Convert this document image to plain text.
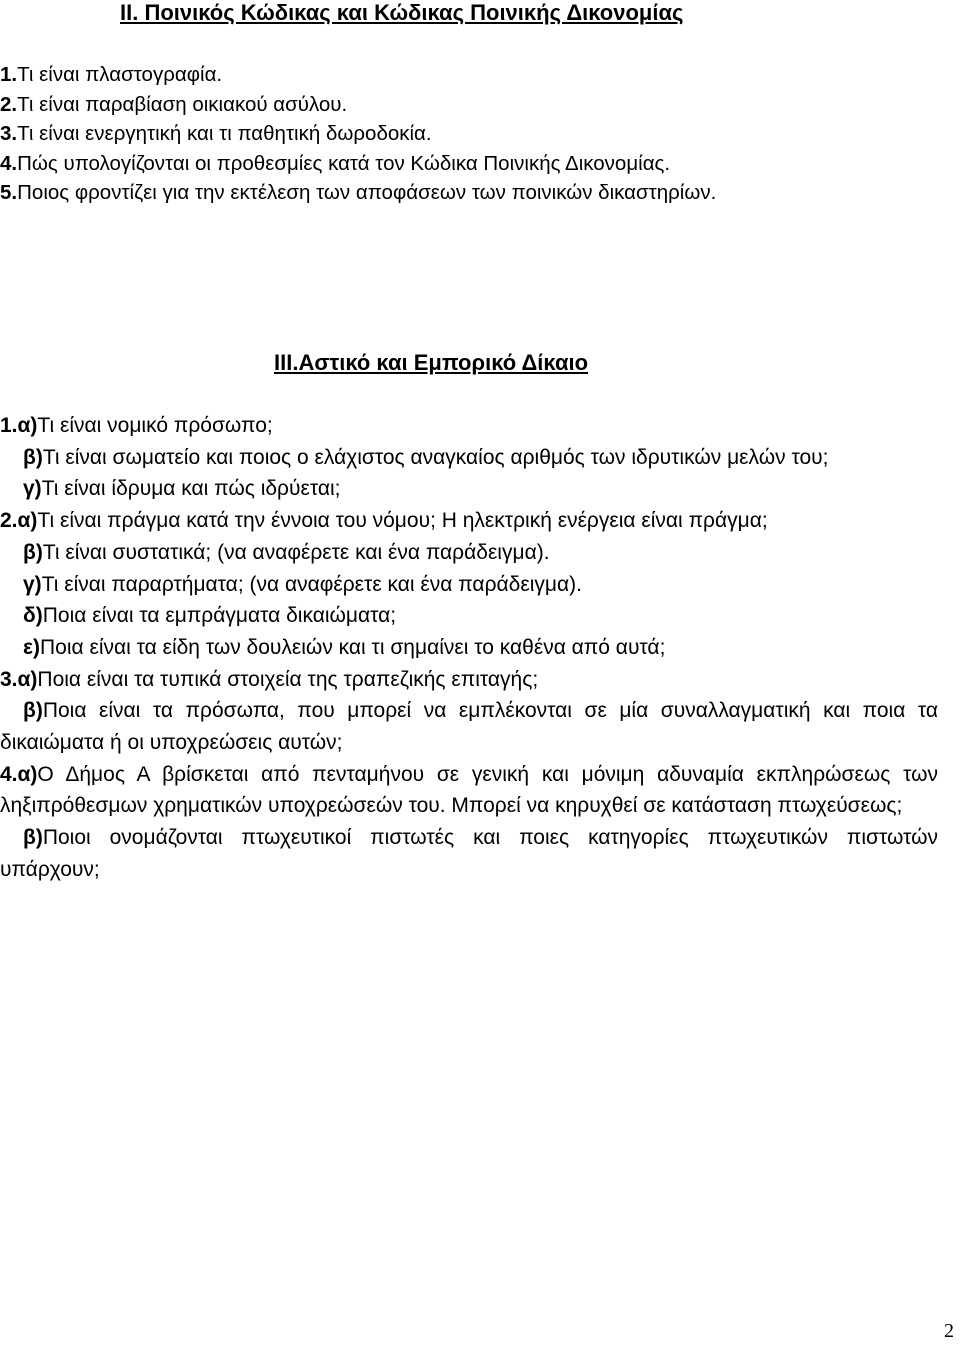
II. Ποινικός Κώδικας και Κώδικας Ποινικής Δικονομίας
1.Τι είναι πλαστογραφία.
2.Τι είναι παραβίαση οικιακού ασύλου.
3.Τι είναι ενεργητική και τι παθητική δωροδοκία.
4.Πώς υπολογίζονται οι προθεσμίες κατά τον Κώδικα Ποινικής Δικονομίας.
5.Ποιος φροντίζει για την εκτέλεση των αποφάσεων των ποινικών δικαστηρίων.
ΙΙΙ.Αστικό και Εμπορικό Δίκαιο

1.α)Τι είναι νομικό πρόσωπο;

β)Τι είναι σωματείο και ποιος ο ελάχιστος αναγκαίος αριθμός των ιδρυτικών μελών του;

γ)Τι είναι ίδρυμα και πώς ιδρύεται;

2.α)Τι είναι πράγμα κατά την έννοια του νόμου; Η ηλεκτρική ενέργεια είναι πράγμα;

β)Τι είναι συστατικά; (να αναφέρετε και ένα παράδειγμα).

γ)Τι είναι παραρτήματα; (να αναφέρετε και ένα παράδειγμα).

δ)Ποια είναι τα εμπράγματα δικαιώματα;

ε)Ποια είναι τα είδη των δουλειών και τι σημαίνει το καθένα από αυτά;

3.α)Ποια είναι τα τυπικά στοιχεία της τραπεζικής επιταγής;

β)Ποια είναι τα πρόσωπα, που μπορεί να εμπλέκονται σε μία συναλλαγματική και ποια τα δικαιώματα ή οι υποχρεώσεις αυτών;

4.α)Ο Δήμος Α βρίσκεται από πενταμήνου σε γενική και μόνιμη αδυναμία εκπληρώσεως των ληξιπρόθεσμων χρηματικών υποχρεώσεών του. Μπορεί να κηρυχθεί σε κατάσταση πτωχεύσεως;

β)Ποιοι ονομάζονται πτωχευτικοί πιστωτές και ποιες κατηγορίες πτωχευτικών πιστωτών υπάρχουν;

2
